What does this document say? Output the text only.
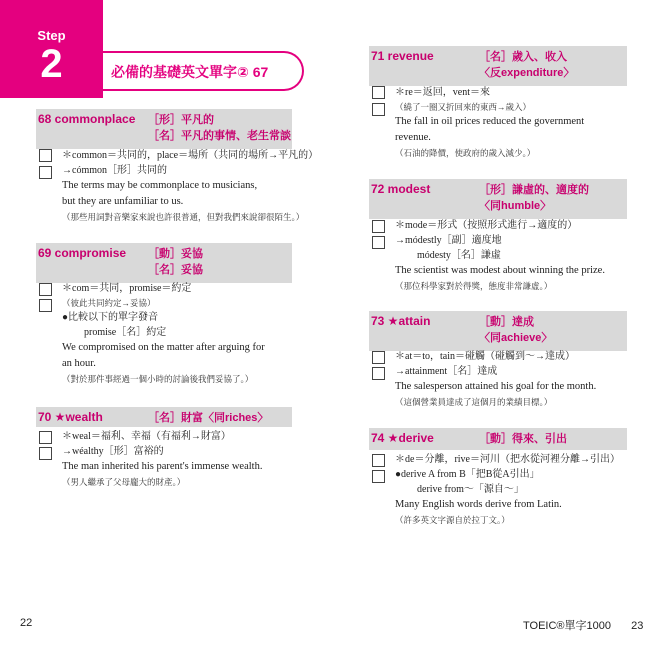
Step
2	必備的基礎英文單字② 67
68 commonplace ［形］平凡的
［名］平凡的事情、老生常談
＊common＝共同的，place＝場所（共同的場所→平凡的）
→cómmon［形］共同的
The terms may be commonplace to musicians,
but they are unfamiliar to us.
（那些用詞對音樂家來說也許很普通，但對我們來說卻很陌生。）
69 compromise ［動］妥協
［名］妥協
＊com＝共同，promise＝約定
（彼此共同約定→妥協）
●比較以下的單字發音
promise［名］約定
We compromised on the matter after arguing for
an hour.
（對於那件事經過一個小時的討論後我們妥協了。）
70 ★wealth	［名］財富〈同riches〉
＊weal＝福利、幸福（有福利→財富）
→wéalthy［形］富裕的
The man inherited his parent's immense wealth.
（男人繼承了父母龐大的財產。）
71 revenue	［名］歲入、收入
〈反expenditure〉
＊re＝返回，vent＝來
（繞了一圈又折回來的東西→歲入）
The fall in oil prices reduced the government
revenue.
（石油的降價，使政府的歲入減少。）
72 modest	［形］謙虛的、適度的
〈同humble〉
＊mode＝形式（按照形式進行→適度的）
→módestly［副］適度地
módesty［名］謙虛
The scientist was modest about winning the prize.
（那位科學家對於得獎，態度非常謙虛。）
73 ★attain	［動］達成
〈同achieve〉
＊at＝to，tain＝碰觸（碰觸到〜→達成）
→attainment［名］達成
The salesperson attained his goal for the month.
（這個營業員達成了這個月的業績目標。）
74 ★derive	［動］得來、引出
＊de＝分離，rive＝河川（把水從河裡分離→引出）
●derive A from B「把B從A引出」
derive from〜「源自〜」
Many English words derive from Latin.
（許多英文字源自於拉丁文。）
22	TOEIC®單字1000 23
